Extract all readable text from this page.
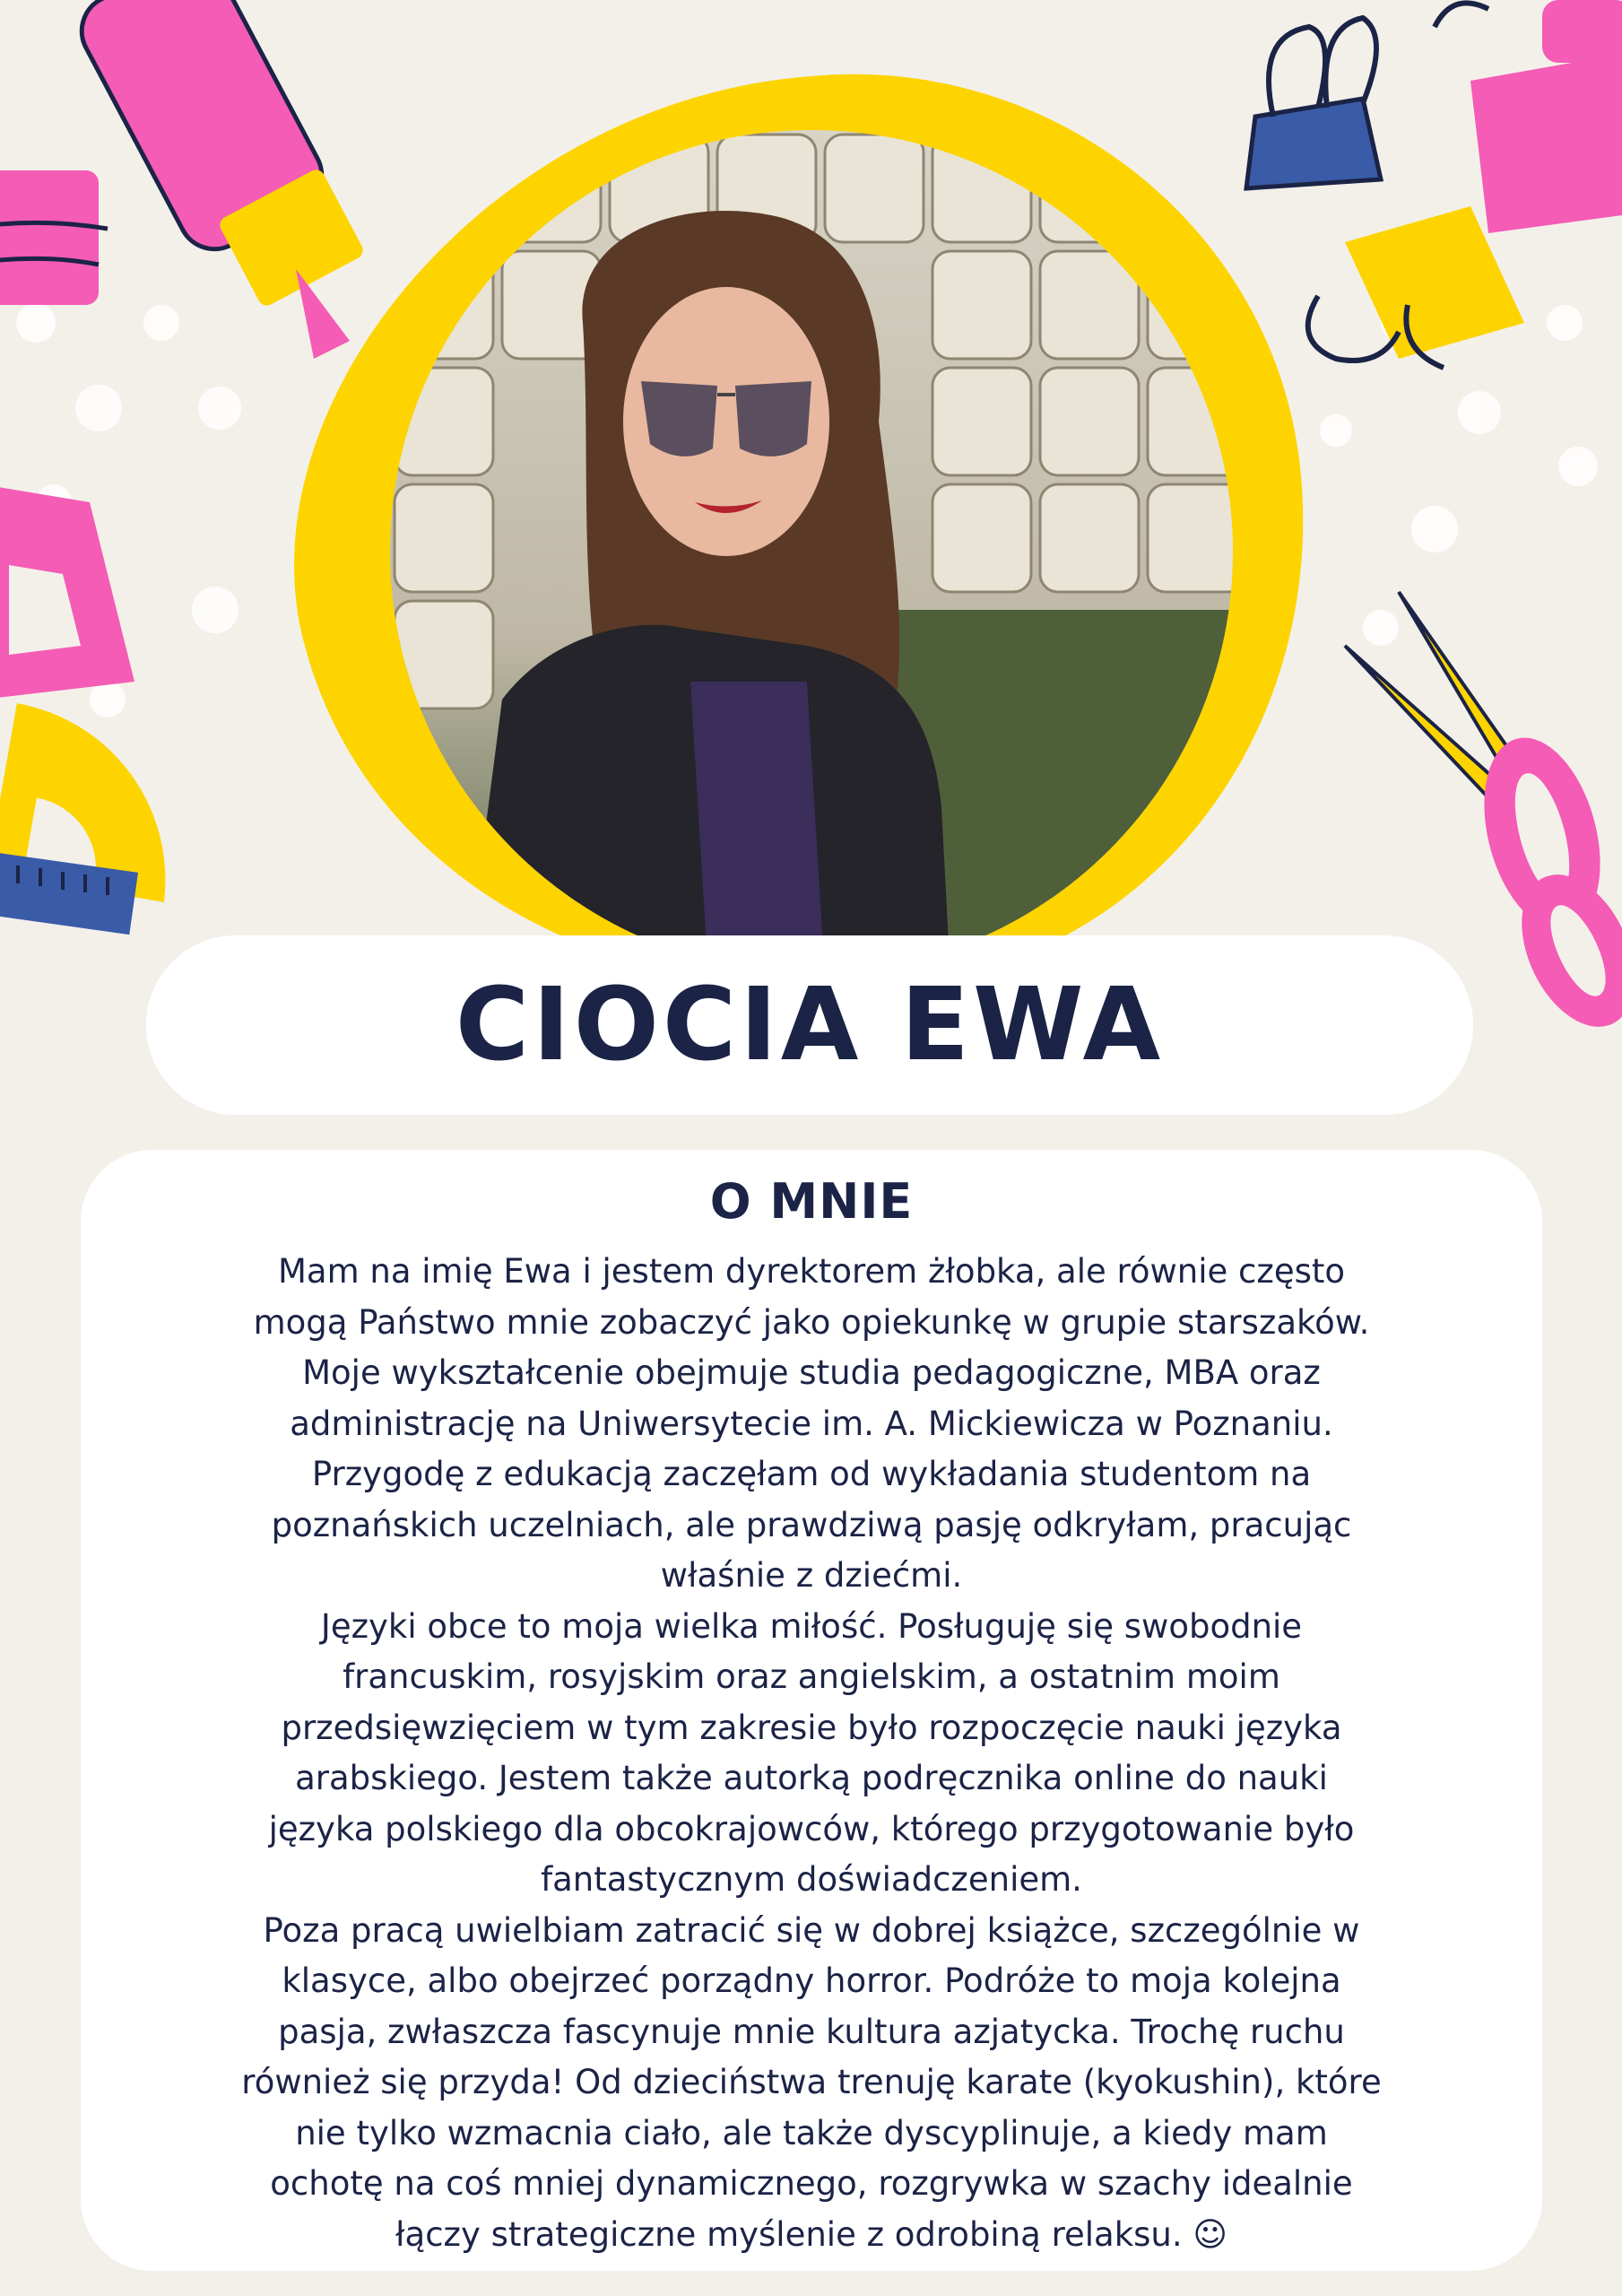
CIOCIA EWA
O MNIE

Mam na imię Ewa i jestem dyrektorem żłobka, ale równie często
mogą Państwo mnie zobaczyć jako opiekunkę w grupie starszaków.
Moje wykształcenie obejmuje studia pedagogiczne, MBA oraz
administrację na Uniwersytecie im. A. Mickiewicza w Poznaniu.
Przygodę z edukacją zaczęłam od wykładania studentom na
poznańskich uczelniach, ale prawdziwą pasję odkryłam, pracując
właśnie z dziećmi.
Języki obce to moja wielka miłość. Posługuję się swobodnie
francuskim, rosyjskim oraz angielskim, a ostatnim moim
przedsięwzięciem w tym zakresie było rozpoczęcie nauki języka
arabskiego. Jestem także autorką podręcznika online do nauki
języka polskiego dla obcokrajowców, którego przygotowanie było
fantastycznym doświadczeniem.
Poza pracą uwielbiam zatracić się w dobrej książce, szczególnie w
klasyce, albo obejrzeć porządny horror. Podróże to moja kolejna
pasja, zwłaszcza fascynuje mnie kultura azjatycka. Trochę ruchu
również się przyda! Od dzieciństwa trenuję karate (kyokushin), które
nie tylko wzmacnia ciało, ale także dyscyplinuje, a kiedy mam
ochotę na coś mniej dynamicznego, rozgrywka w szachy idealnie
łączy strategiczne myślenie z odrobiną relaksu. ☺
